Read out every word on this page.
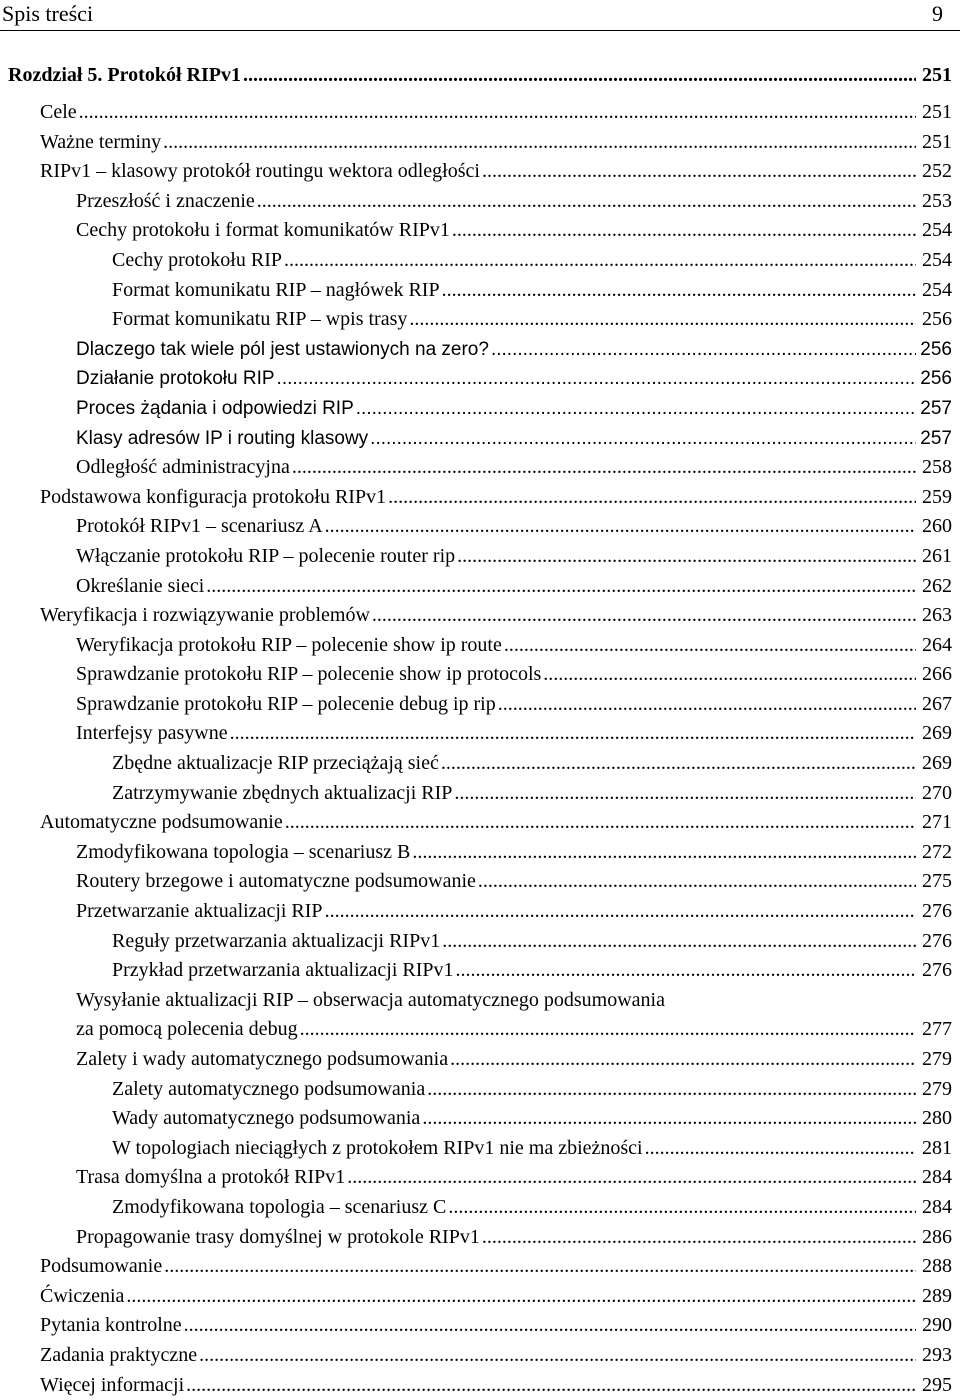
Spis treści	9
Rozdział 5. Protokół RIPv1 .....	251
Cele .....	251
Ważne terminy .....	251
RIPv1 – klasowy protokół routingu wektora odległości .....	252
Przeszłość i znaczenie .....	253
Cechy protokołu i format komunikatów RIPv1 .....	254
Cechy protokołu RIP .....	254
Format komunikatu RIP – nagłówek RIP .....	254
Format komunikatu RIP – wpis trasy .....	256
Dlaczego tak wiele pól jest ustawionych na zero? .....	256
Działanie protokołu RIP .....	256
Proces żądania i odpowiedzi RIP .....	257
Klasy adresów IP i routing klasowy .....	257
Odległość administracyjna .....	258
Podstawowa konfiguracja protokołu RIPv1 .....	259
Protokół RIPv1 – scenariusz A .....	260
Włączanie protokołu RIP – polecenie router rip .....	261
Określanie sieci .....	262
Weryfikacja i rozwiązywanie problemów .....	263
Weryfikacja protokołu RIP – polecenie show ip route .....	264
Sprawdzanie protokołu RIP – polecenie show ip protocols .....	266
Sprawdzanie protokołu RIP – polecenie debug ip rip .....	267
Interfejsy pasywne .....	269
Zbędne aktualizacje RIP przeciążają sieć .....	269
Zatrzymywanie zbędnych aktualizacji RIP .....	270
Automatyczne podsumowanie .....	271
Zmodyfikowana topologia – scenariusz B .....	272
Routery brzegowe i automatyczne podsumowanie .....	275
Przetwarzanie aktualizacji RIP .....	276
Reguły przetwarzania aktualizacji RIPv1 .....	276
Przykład przetwarzania aktualizacji RIPv1 .....	276
Wysyłanie aktualizacji RIP – obserwacja automatycznego podsumowania
za pomocą polecenia debug .....	277
Zalety i wady automatycznego podsumowania .....	279
Zalety automatycznego podsumowania .....	279
Wady automatycznego podsumowania .....	280
W topologiach nieciągłych z protokołem RIPv1 nie ma zbieżności .....	281
Trasa domyślna a protokół RIPv1 .....	284
Zmodyfikowana topologia – scenariusz C .....	284
Propagowanie trasy domyślnej w protokole RIPv1 .....	286
Podsumowanie .....	288
Ćwiczenia .....	289
Pytania kontrolne .....	290
Zadania praktyczne .....	293
Więcej informacji .....	295
